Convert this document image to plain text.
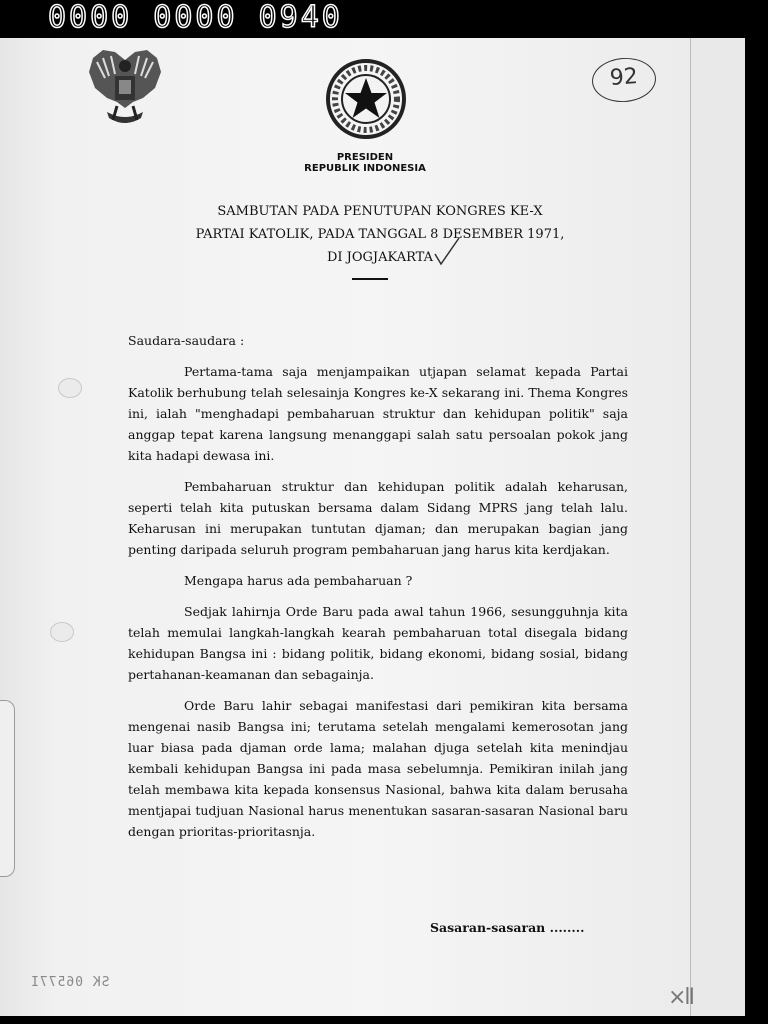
0000 0000 0940
92
PRESIDEN
REPUBLIK INDONESIA
SAMBUTAN PADA PENUTUPAN KONGRES KE-X
PARTAI KATOLIK, PADA TANGGAL 8 DESEMBER 1971,
DI JOGJAKARTA

Saudara-saudara :

Pertama-tama saja menjampaikan utjapan selamat kepada Partai Katolik berhubung telah selesainja Kongres ke-X sekarang ini. Thema Kongres ini, ialah "menghadapi pembaharuan struktur dan kehidupan politik" saja anggap tepat karena langsung menanggapi salah satu persoalan pokok jang kita hadapi dewasa ini.

Pembaharuan struktur dan kehidupan politik adalah keharusan, seperti telah kita putuskan bersama dalam Sidang MPRS jang telah lalu. Keharusan ini merupakan tuntutan djaman; dan merupakan bagian jang penting daripada seluruh program pembaharuan jang harus kita kerdjakan.

Mengapa harus ada pembaharuan ?

Sedjak lahirnja Orde Baru pada awal tahun 1966, sesungguhnja kita telah memulai langkah-langkah kearah pembaharuan total disegala bidang kehidupan Bangsa ini : bidang politik, bidang ekonomi, bidang sosial, bidang pertahanan-keamanan dan sebagainja.

Orde Baru lahir sebagai manifestasi dari pemikiran kita bersama mengenai nasib Bangsa ini; terutama setelah mengalami kemerosotan jang luar biasa pada djaman orde lama; malahan djuga setelah kita menindjau kembali kehidupan Bangsa ini pada masa sebelumnja. Pemikiran inilah jang telah membawa kita kepada konsensus Nasional, bahwa kita dalam berusaha mentjapai tudjuan Nasional harus menentukan sasaran-sasaran Nasional baru dengan prioritas-prioritasnja.

Sasaran-sasaran ........
SK 06577I
×lI
